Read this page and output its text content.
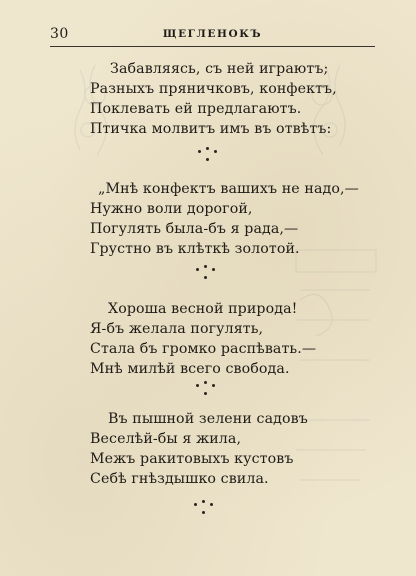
30	ЩЕГЛЕНОКЪ
Забавляясь, съ ней играютъ;
Разныхъ пряничковъ, конфектъ,
Поклевать ей предлагаютъ.
Птичка молвитъ имъ въ отвѣтъ:
„Мнѣ конфектъ вашихъ не надо,—
Нужно воли дорогой,
Погулять была-бъ я рада,—
Грустно въ клѣткѣ золотой.
Хороша весной природа!
Я-бъ желала погулять,
Стала бъ громко распѣвать.—
Мнѣ милѣй всего свобода.
Въ пышной зелени садовъ
Веселѣй-бы я жила,
Межъ ракитовыхъ кустовъ
Себѣ гнѣздышко свила.
